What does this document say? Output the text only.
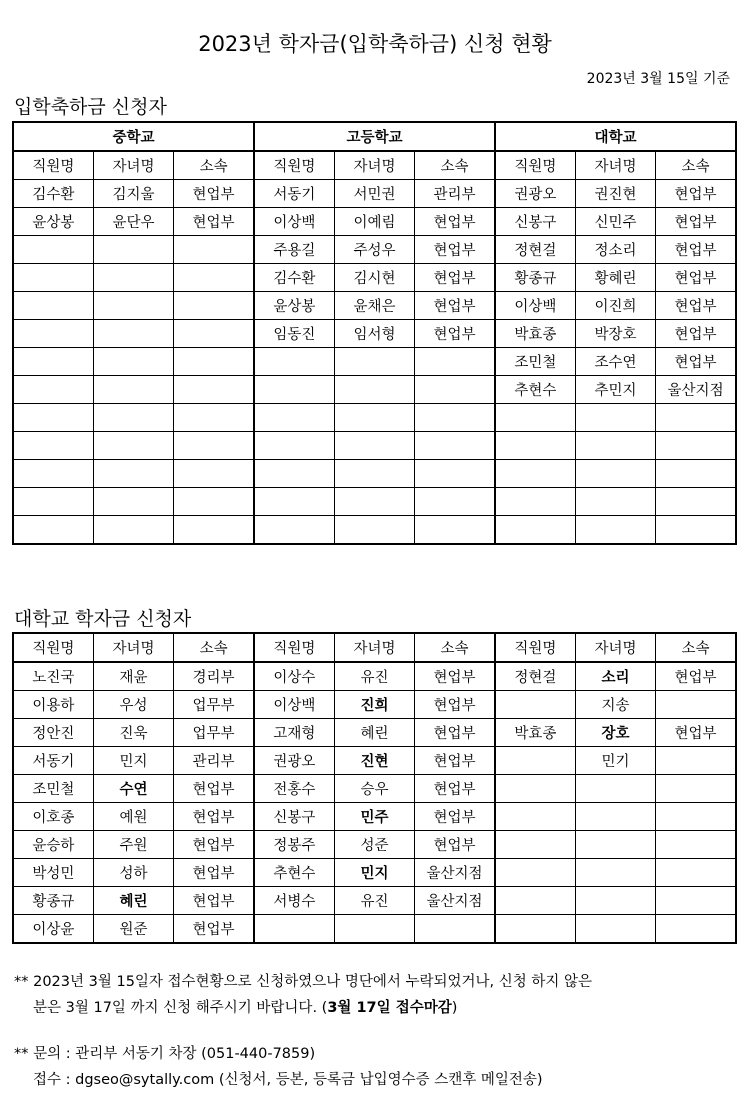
2023년 학자금(입학축하금) 신청 현황
2023년 3월 15일 기준
입학축하금 신청자
중학교			고등학교			대학교		
직원명	자녀명	소속	직원명	자녀명	소속	직원명	자녀명	소속
김수환	김지울	현업부	서동기	서민권	관리부	권광오	권진현	현업부
윤상봉	윤단우	현업부	이상백	이예림	현업부	신봉구	신민주	현업부
			주용길	주성우	현업부	정현걸	정소리	현업부
			김수환	김시현	현업부	황종규	황혜린	현업부
			윤상봉	윤채은	현업부	이상백	이진희	현업부
			임동진	임서형	현업부	박효종	박장호	현업부
						조민철	조수연	현업부
						추현수	추민지	울산지점

대학교 학자금 신청자
직원명	자녀명	소속	직원명	자녀명	소속	직원명	자녀명	소속
노진국	재윤	경리부	이상수	유진	현업부	정현걸	소리	현업부
이용하	우성	업무부	이상백	진희	현업부		지송	
정안진	진욱	업무부	고재형	혜린	현업부	박효종	장호	현업부
서동기	민지	관리부	권광오	진현	현업부		민기	
조민철	수연	현업부	전홍수	승우	현업부			
이호종	예원	현업부	신봉구	민주	현업부			
윤승하	주원	현업부	정봉주	성준	현업부			
박성민	성하	현업부	추현수	민지	울산지점			
황종규	혜린	현업부	서병수	유진	울산지점			
이상윤	원준	현업부						
** 2023년 3월 15일자 접수현황으로 신청하였으나 명단에서 누락되었거나, 신청 하지 않은
분은 3월 17일 까지 신청 해주시기 바랍니다. (3월 17일 접수마감)
** 문의 : 관리부 서동기 차장 (051-440-7859)
접수 : dgseo@sytally.com (신청서, 등본, 등록금 납입영수증 스캔후 메일전송)
